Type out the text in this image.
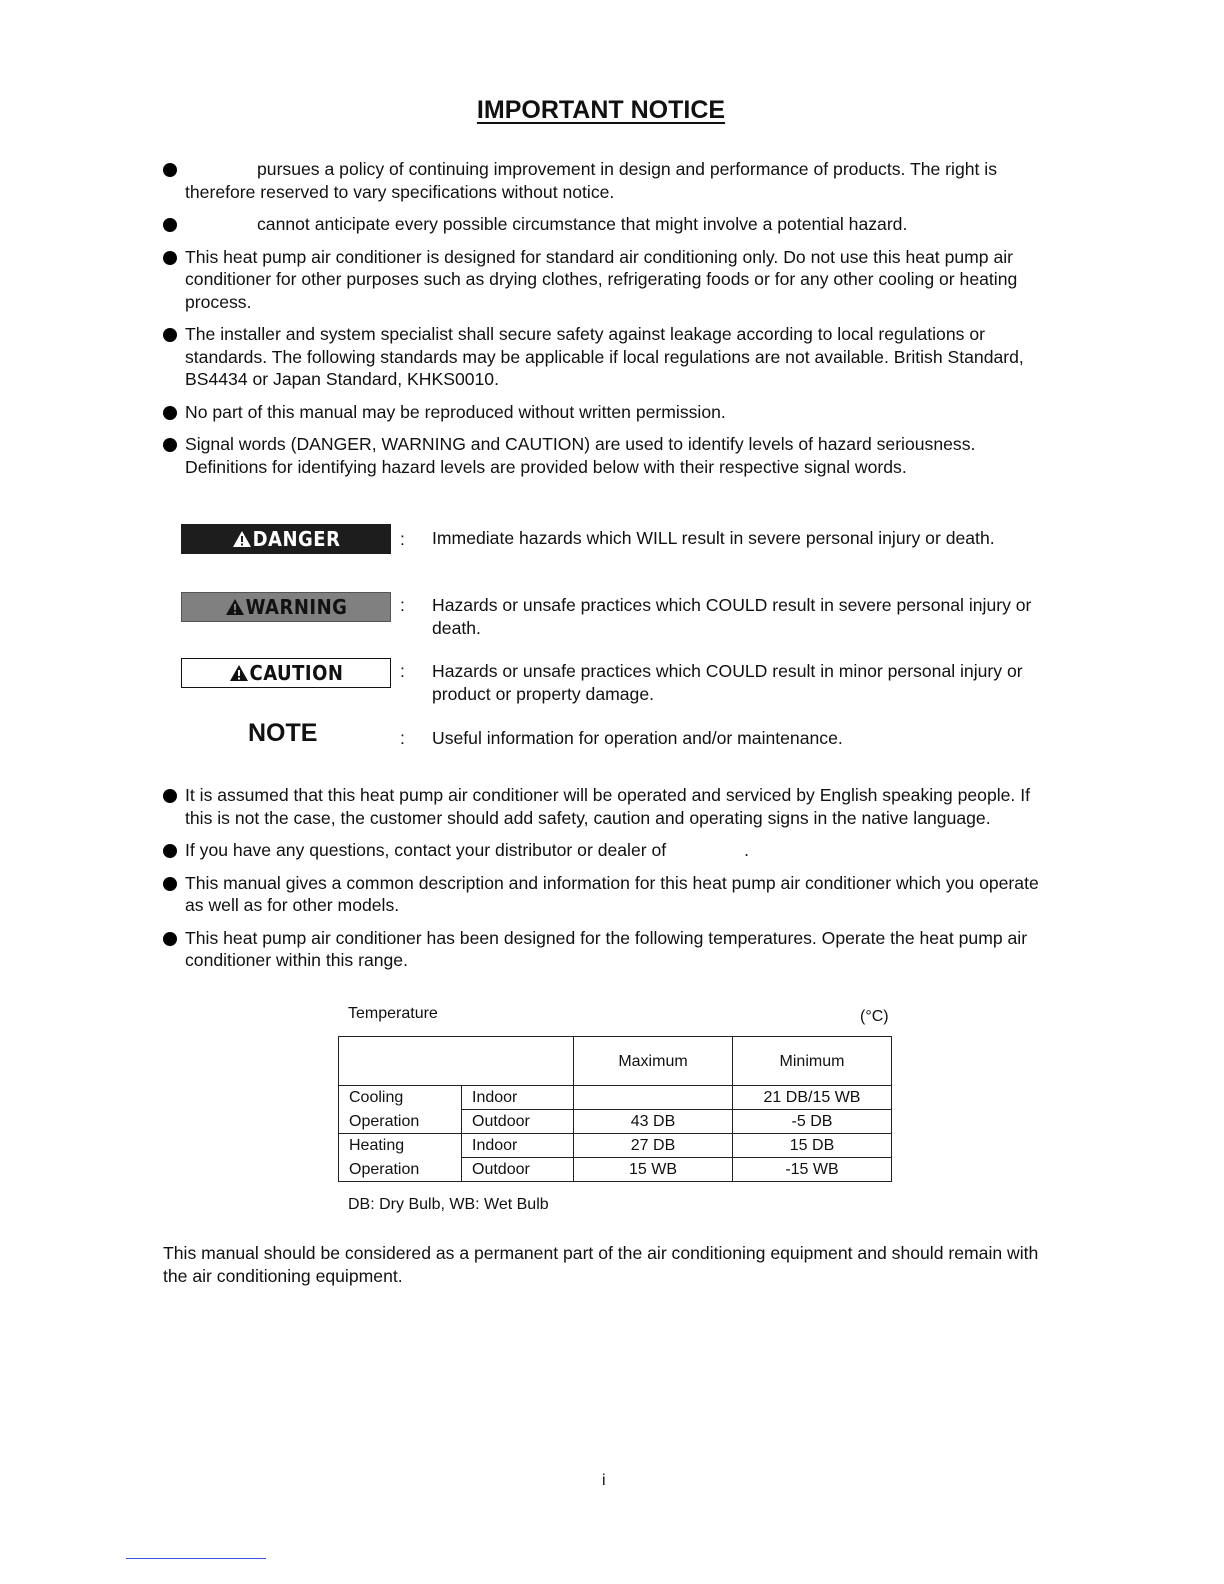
IMPORTANT NOTICE
pursues a policy of continuing improvement in design and performance of products. The right is therefore reserved to vary specifications without notice.
cannot anticipate every possible circumstance that might involve a potential hazard.
This heat pump air conditioner is designed for standard air conditioning only. Do not use this heat pump air conditioner for other purposes such as drying clothes, refrigerating foods or for any other cooling or heating process.
The installer and system specialist shall secure safety against leakage according to local regulations or standards. The following standards may be applicable if local regulations are not available. British Standard, BS4434 or Japan Standard, KHKS0010.
No part of this manual may be reproduced without written permission.
Signal words (DANGER, WARNING and CAUTION) are used to identify levels of hazard seriousness. Definitions for identifying hazard levels are provided below with their respective signal words.
DANGER	: Immediate hazards which WILL result in severe personal injury or death.
WARNING	: Hazards or unsafe practices which COULD result in severe personal injury or death.
CAUTION	: Hazards or unsafe practices which COULD result in minor personal injury or product or property damage.
NOTE	: Useful information for operation and/or maintenance.
It is assumed that this heat pump air conditioner will be operated and serviced by English speaking people. If this is not the case, the customer should add safety, caution and operating signs in the native language.
If you have any questions, contact your distributor or dealer of	.
This manual gives a common description and information for this heat pump air conditioner which you operate as well as for other models.
This heat pump air conditioner has been designed for the following temperatures. Operate the heat pump air conditioner within this range.
Temperature	(°C)
		Maximum	Minimum
Cooling	Indoor		21 DB/15 WB
Operation	Outdoor	43 DB	-5 DB
Heating	Indoor	27 DB	15 DB
Operation	Outdoor	15 WB	-15 WB
DB: Dry Bulb, WB: Wet Bulb
This manual should be considered as a permanent part of the air conditioning equipment and should remain with the air conditioning equipment.
i
